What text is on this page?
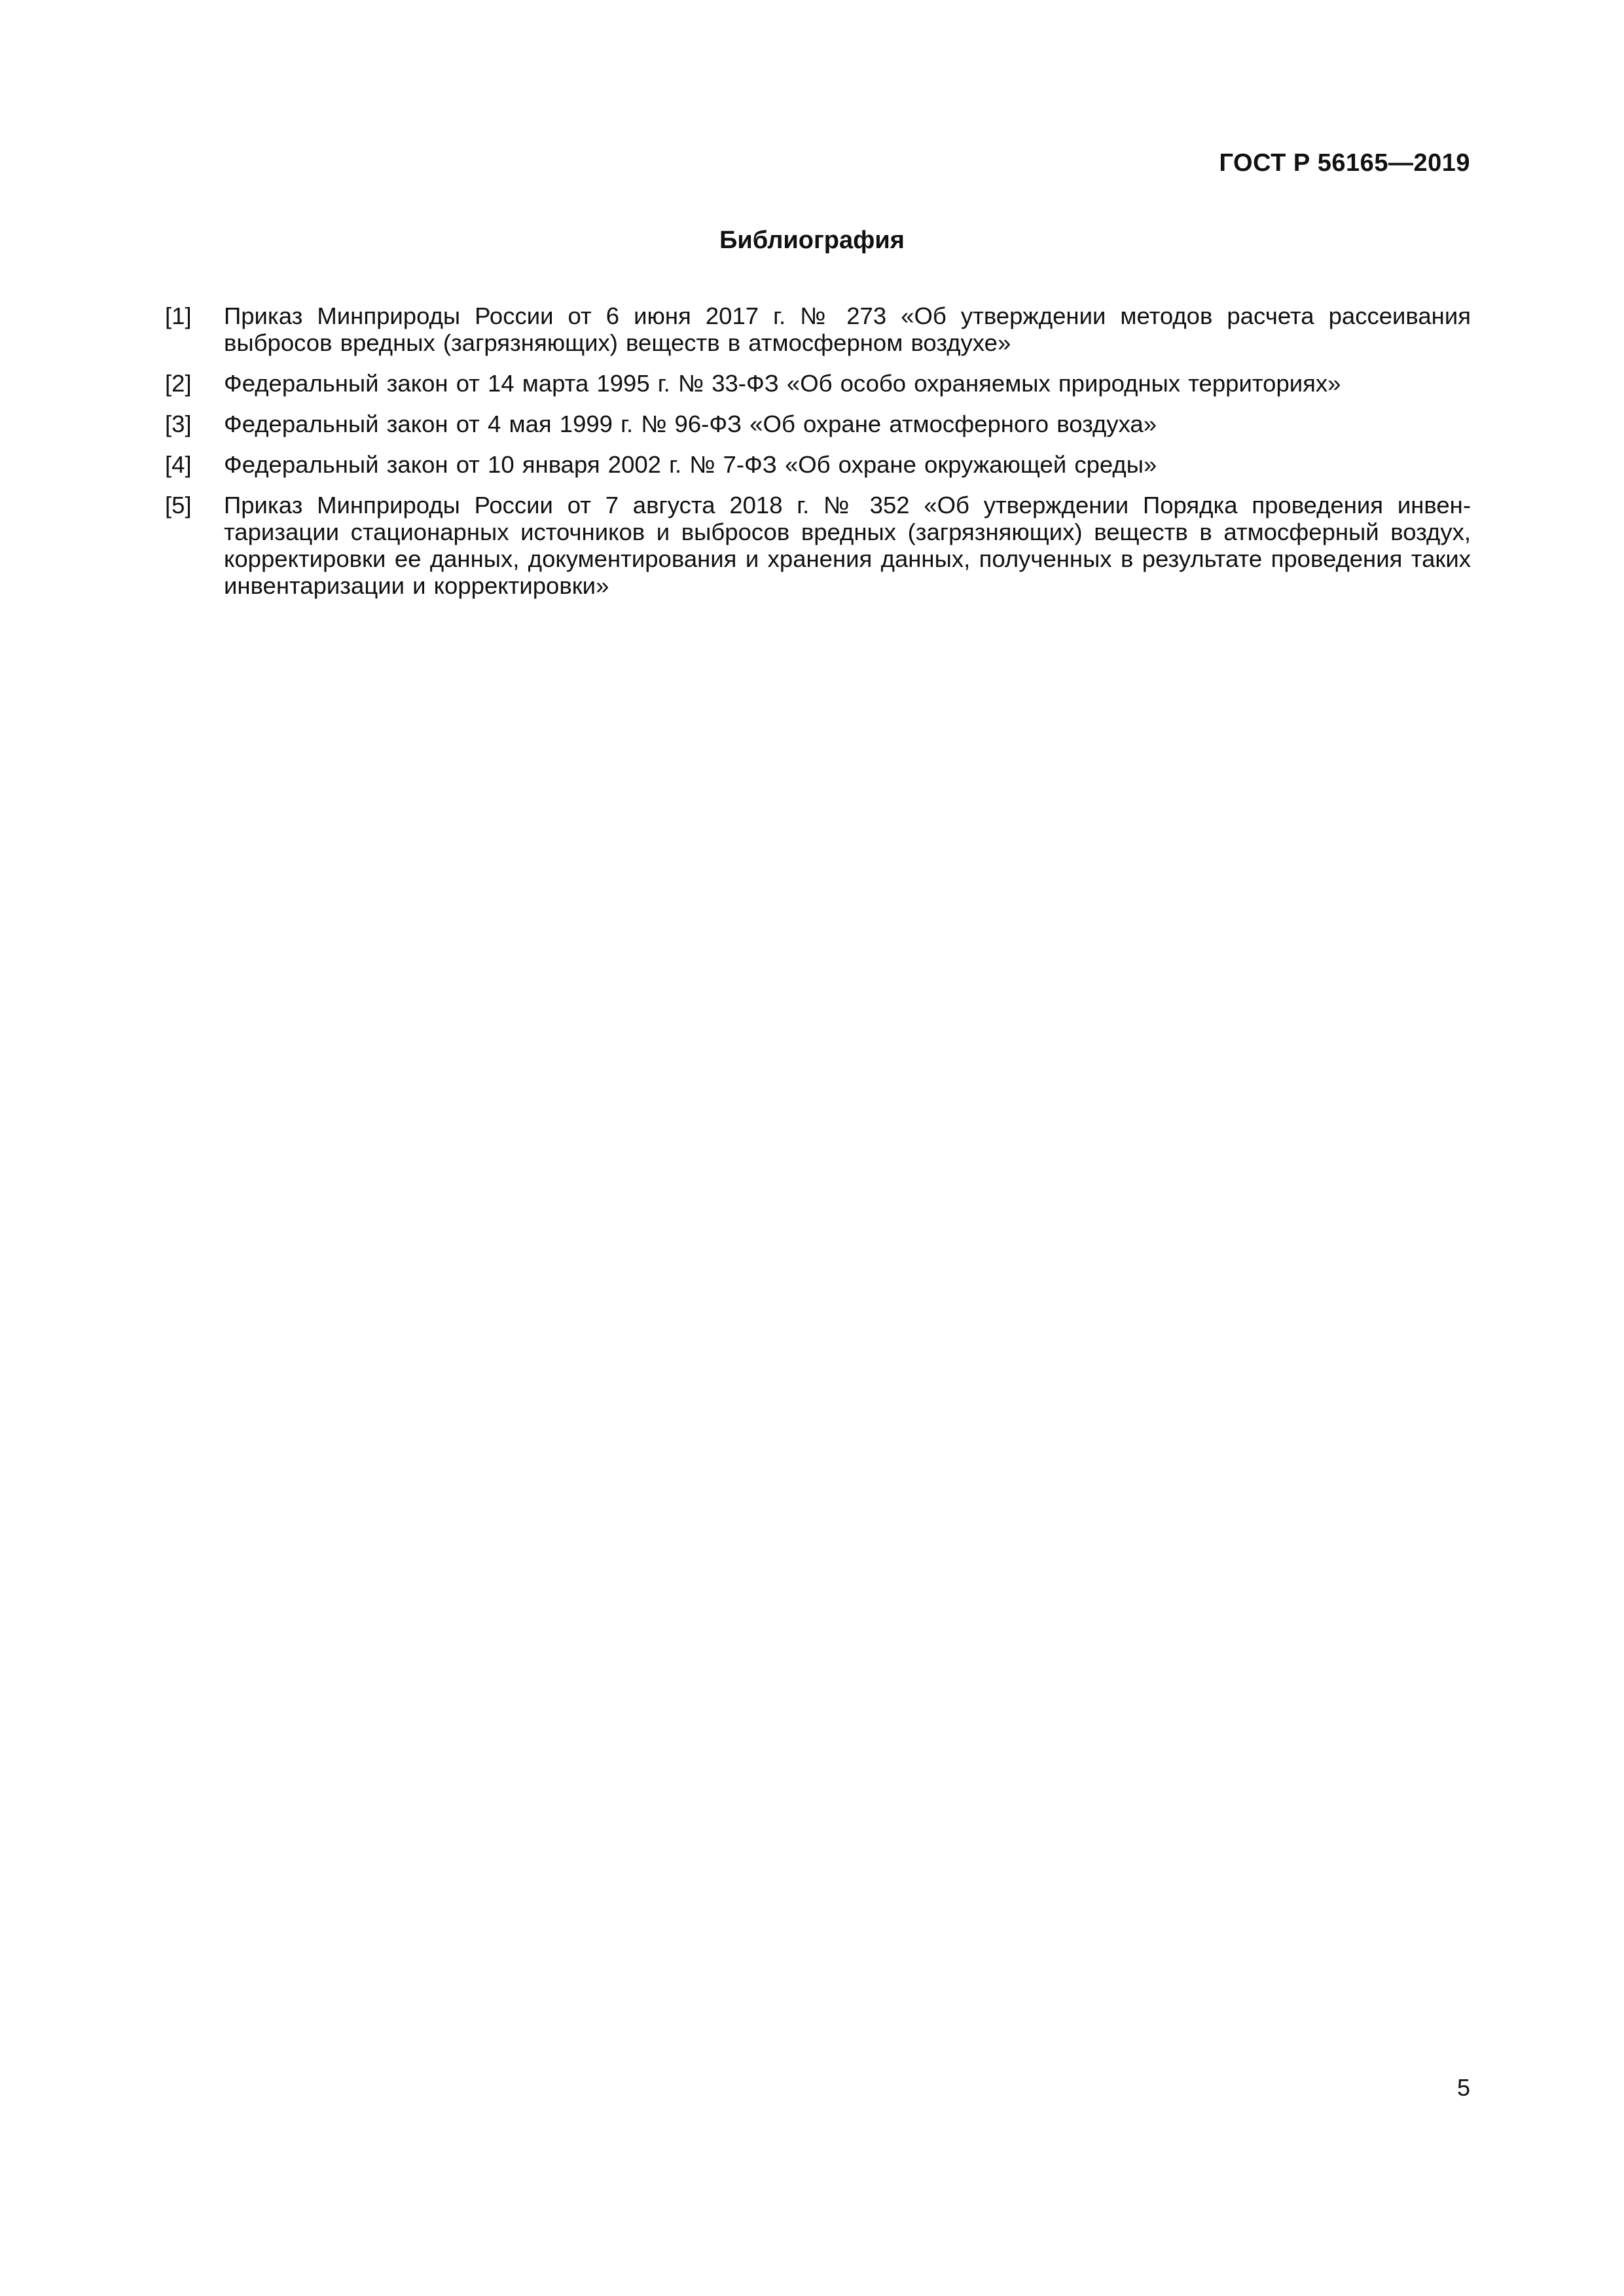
ГОСТ Р 56165—2019

Библиография
[1]	Приказ Минприроды России от 6 июня 2017 г. № 273 «Об утверждении методов расчета рассеивания выбросов вредных (загрязняющих) веществ в атмосферном воздухе»
[2]	Федеральный закон от 14 марта 1995 г. № 33-ФЗ «Об особо охраняемых природных территориях»
[3]	Федеральный закон от 4 мая 1999 г. № 96-ФЗ «Об охране атмосферного воздуха»
[4]	Федеральный закон от 10 января 2002 г. № 7-ФЗ «Об охране окружающей среды»
[5]	Приказ Минприроды России от 7 августа 2018 г. № 352 «Об утверждении Порядка проведения инвентаризации стационарных источников и выбросов вредных (загрязняющих) веществ в атмосферный воздух, корректировки ее данных, документирования и хранения данных, полученных в результате проведения таких инвентаризации и корректировки»

5
